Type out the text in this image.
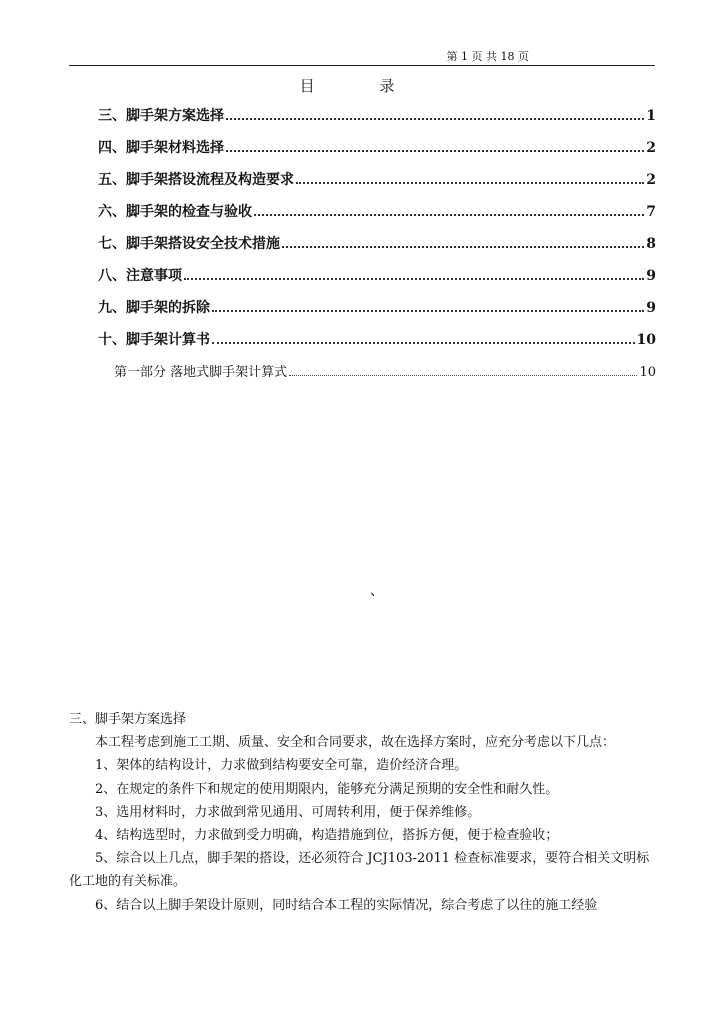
第 1 页 共 18 页
目 录
三、脚手架方案选择	1
四、脚手架材料选择	2
五、脚手架搭设流程及构造要求	2
六、脚手架的检查与验收	7
七、脚手架搭设安全技术措施	8
八、注意事项	9
九、脚手架的拆除	9
十、脚手架计算书	10
第一部分 落地式脚手架计算式	10
、

三、脚手架方案选择

本工程考虑到施工工期、质量、安全和合同要求，故在选择方案时，应充分考虑以下几点：

1、架体的结构设计，力求做到结构要安全可靠，造价经济合理。

2、在规定的条件下和规定的使用期限内，能够充分满足预期的安全性和耐久性。

3、选用材料时，力求做到常见通用、可周转利用，便于保养维修。

4、结构选型时，力求做到受力明确，构造措施到位，搭拆方便，便于检查验收；

5、综合以上几点，脚手架的搭设，还必须符合 JCJ103-2011 检查标准要求，要符合相关文明标化工地的有关标准。

6、结合以上脚手架设计原则，同时结合本工程的实际情况，综合考虑了以往的施工经验
